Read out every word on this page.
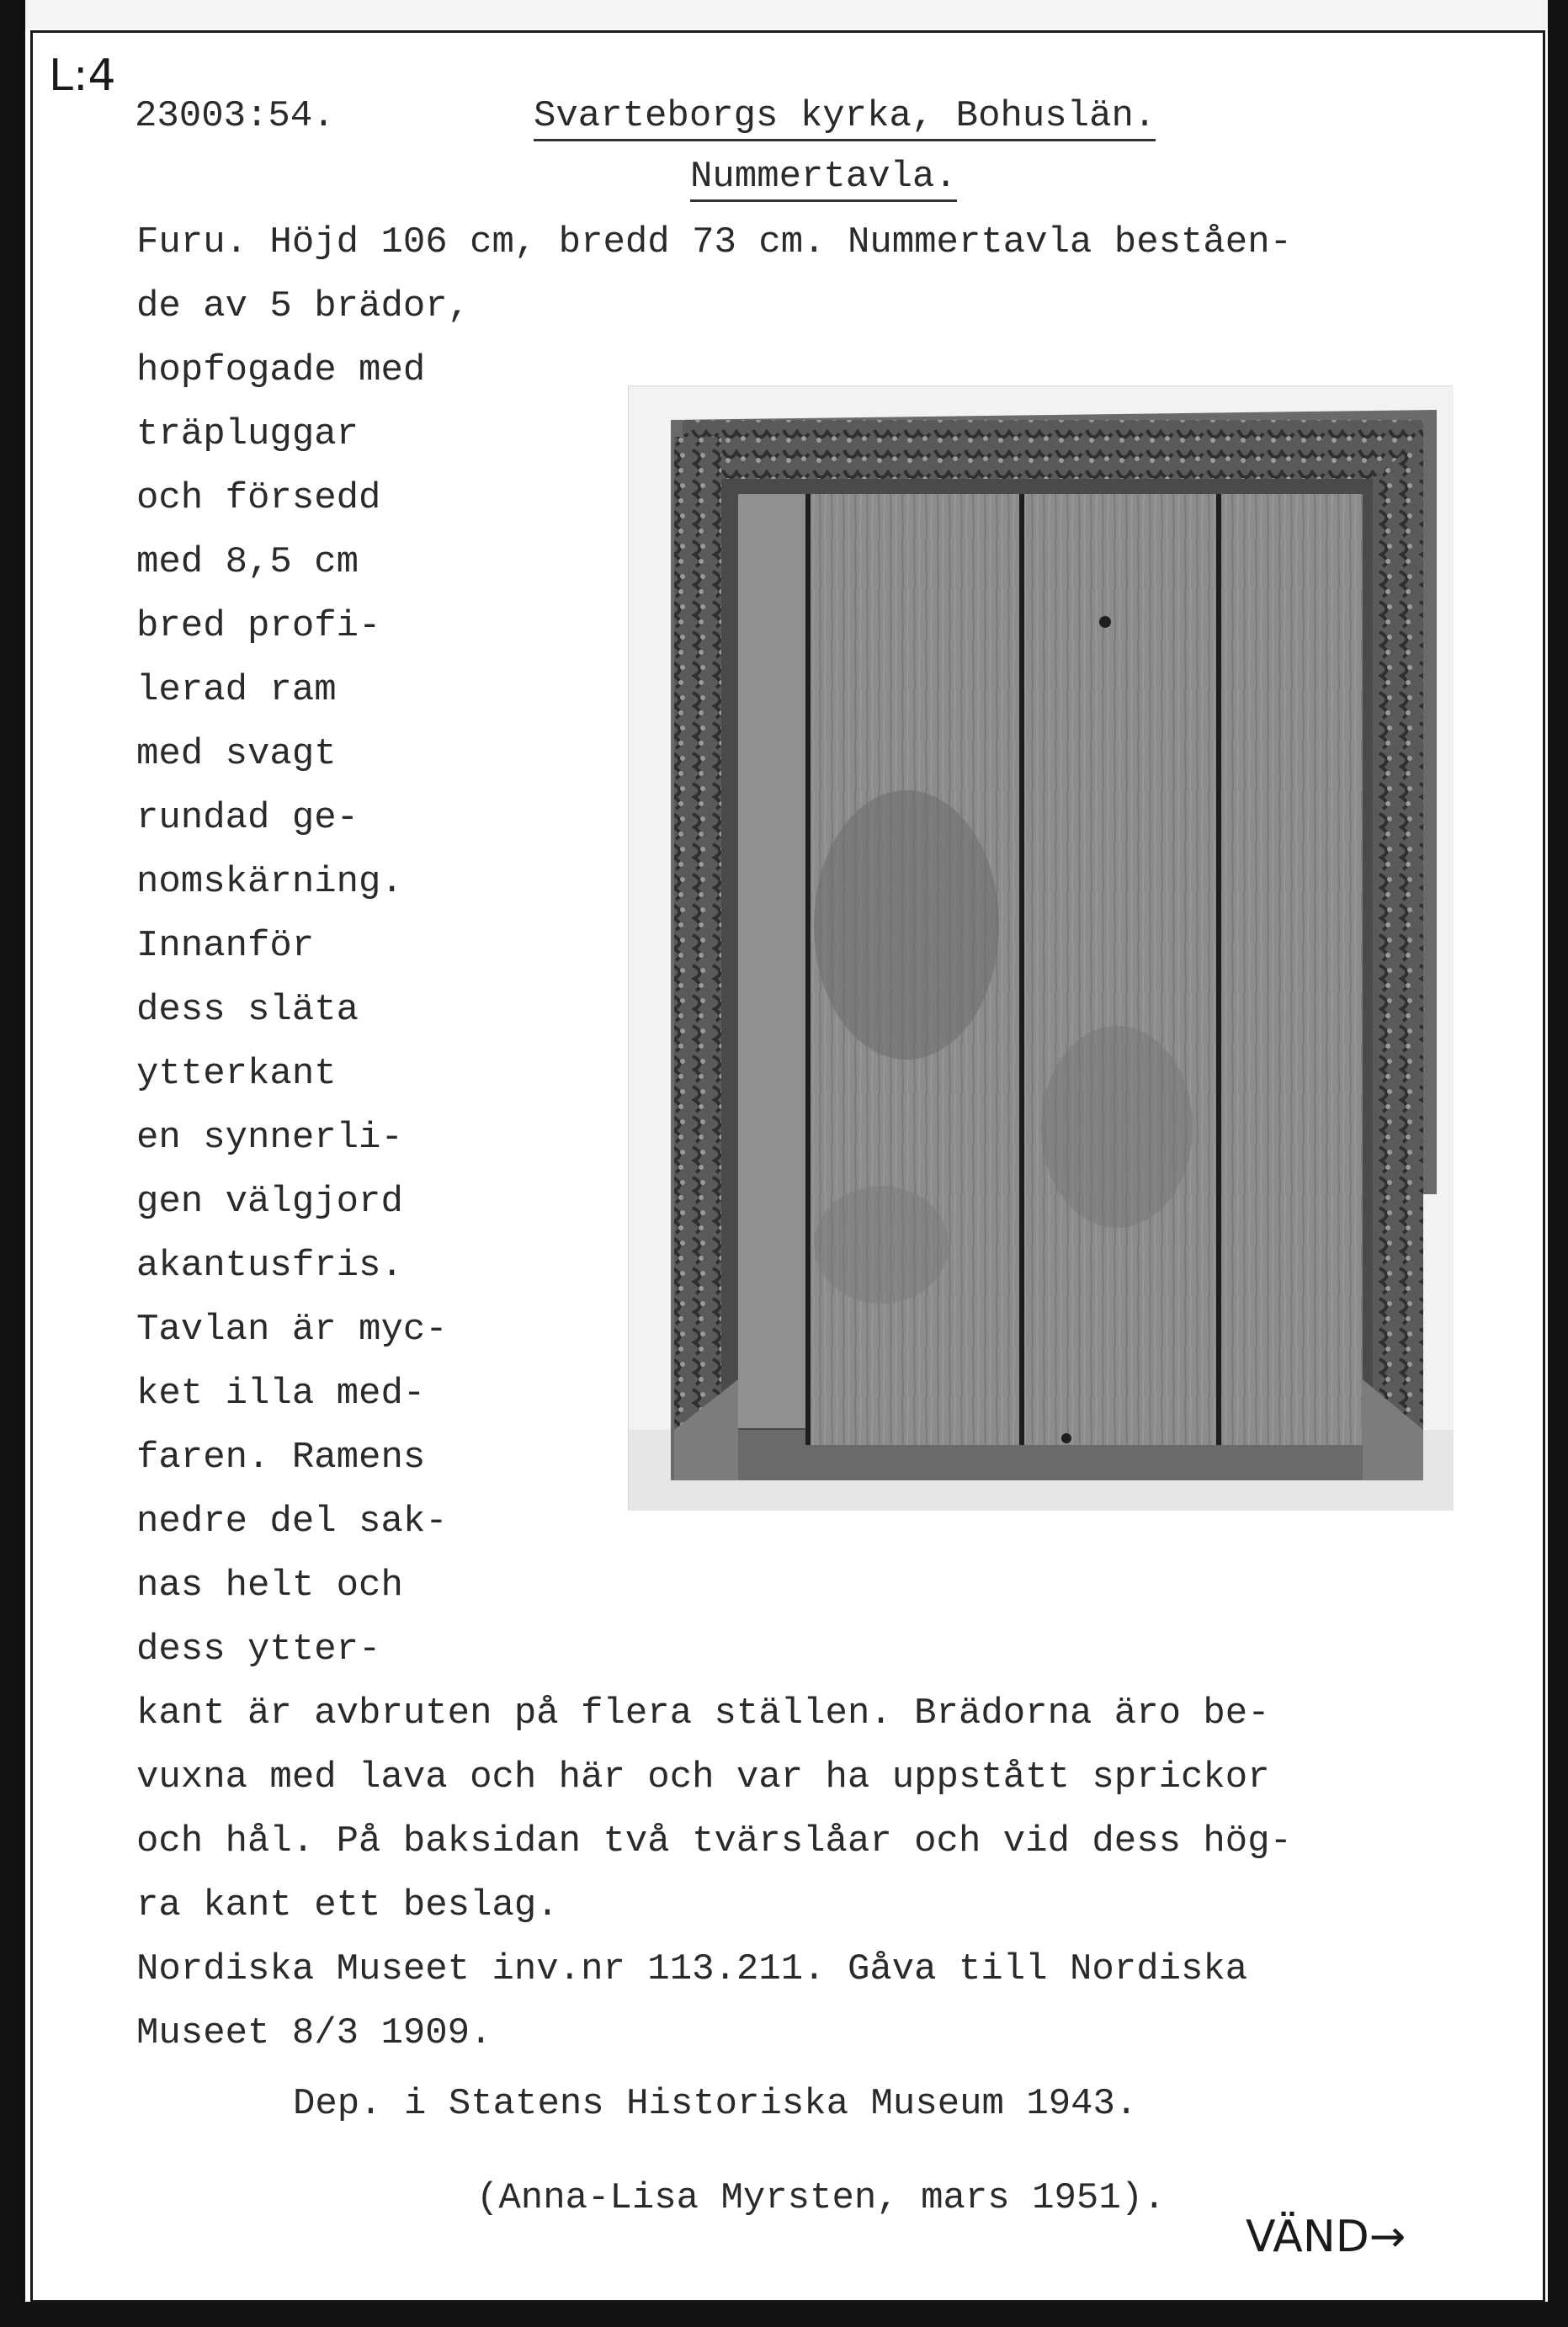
L:4
23003:54.	Svarteborgs kyrka, Bohuslän.
Nummertavla.
Furu. Höjd 106 cm, bredd 73 cm. Nummertavla beståen-
de av 5 brädor,
hopfogade med
träpluggar
och försedd
med 8,5 cm
bred profi-
lerad ram
med svagt
rundad ge-
nomskärning.
Innanför
dess släta
ytterkant
en synnerli-
gen välgjord
akantusfris.
Tavlan är myc-
ket illa med-
faren. Ramens
nedre del sak-
nas helt och
dess ytter-
kant är avbruten på flera ställen. Brädorna äro be-
vuxna med lava och här och var ha uppstått sprickor
och hål. På baksidan två tvärslåar och vid dess hög-
ra kant ett beslag.
Nordiska Museet inv.nr 113.211. Gåva till Nordiska
Museet 8/3 1909.
Dep. i Statens Historiska Museum 1943.
(Anna-Lisa Myrsten, mars 1951).
VÄND→
